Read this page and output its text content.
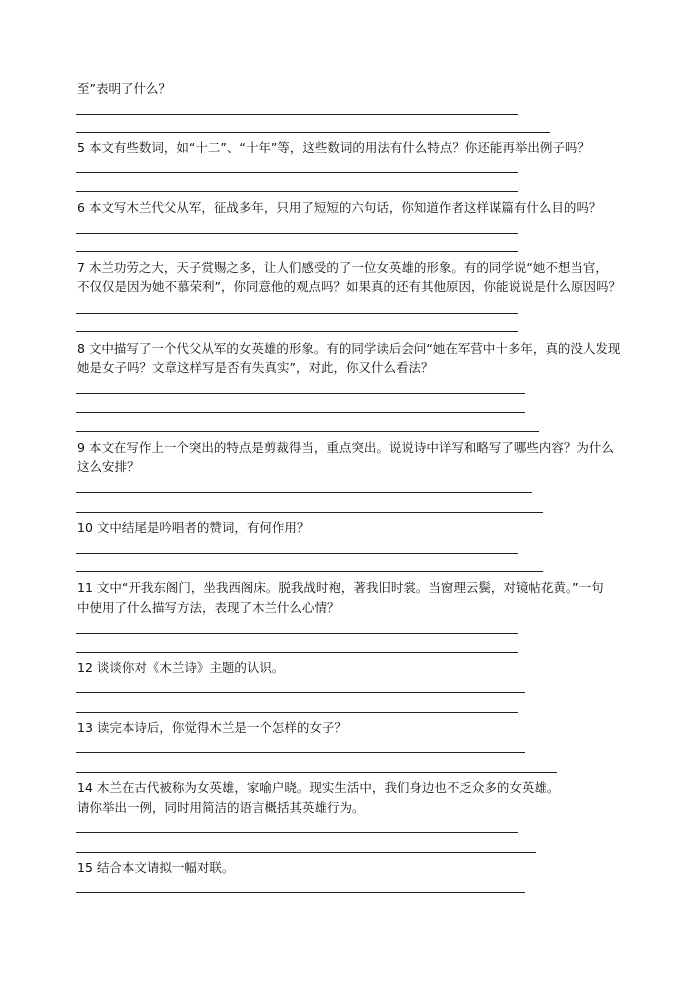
至”表明了什么？

5 本文有些数词，如“十二”、“十年”等，这些数词的用法有什么特点？你还能再举出例子吗？

6 本文写木兰代父从军，征战多年，只用了短短的六句话，你知道作者这样谋篇有什么目的吗？

7 木兰功劳之大，天子赏赐之多，让人们感受的了一位女英雄的形象。有的同学说“她不想当官，

不仅仅是因为她不慕荣利”，你同意他的观点吗？如果真的还有其他原因，你能说说是什么原因吗？

8 文中描写了一个代父从军的女英雄的形象。有的同学读后会问“她在军营中十多年，真的没人发现

她是女子吗？文章这样写是否有失真实”，对此，你又什么看法？

9 本文在写作上一个突出的特点是剪裁得当，重点突出。说说诗中详写和略写了哪些内容？为什么

这么安排？

10 文中结尾是吟唱者的赞词，有何作用？

11 文中“开我东阁门，坐我西阁床。脱我战时袍，著我旧时裳。当窗理云鬓，对镜帖花黄。”一句

中使用了什么描写方法，表现了木兰什么心情？

12 谈谈你对《木兰诗》主题的认识。

13 读完本诗后，你觉得木兰是一个怎样的女子？

14 木兰在古代被称为女英雄，家喻户晓。现实生活中，我们身边也不乏众多的女英雄。

请你举出一例，同时用简洁的语言概括其英雄行为。

15 结合本文请拟一幅对联。
